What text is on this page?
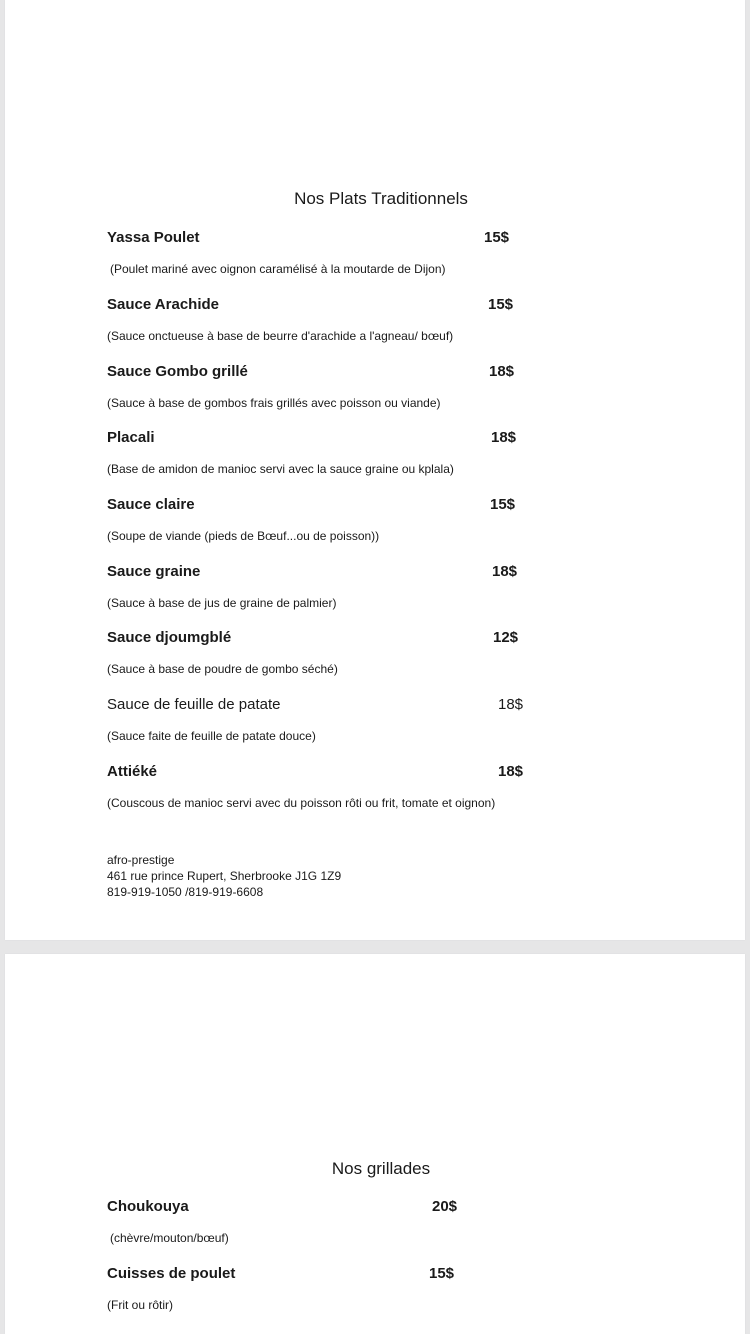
Nos Plats Traditionnels
Yassa Poulet	15$
(Poulet mariné avec oignon caramélisé à la moutarde de Dijon)
Sauce Arachide	15$
(Sauce onctueuse à base de beurre d'arachide a l'agneau/ bœuf)
Sauce Gombo grillé	18$
(Sauce à base de gombos frais grillés avec poisson ou viande)
Placali	18$
(Base de amidon de manioc servi avec la sauce graine ou kplala)
Sauce claire	15$
(Soupe de viande (pieds de Bœuf...ou de poisson))
Sauce graine	18$
(Sauce à base de jus de graine de palmier)
Sauce djoumgblé	12$
(Sauce à base de poudre de gombo séché)
Sauce de feuille de patate	18$
(Sauce faite de feuille de patate douce)
Attiéké	18$
(Couscous de manioc servi avec du poisson rôti ou frit, tomate et oignon)
afro-prestige
461 rue prince Rupert, Sherbrooke J1G 1Z9
819-919-1050 /819-919-6608
Nos grillades
Choukouya	20$
(chèvre/mouton/bœuf)
Cuisses de poulet	15$
(Frit ou rôtir)
